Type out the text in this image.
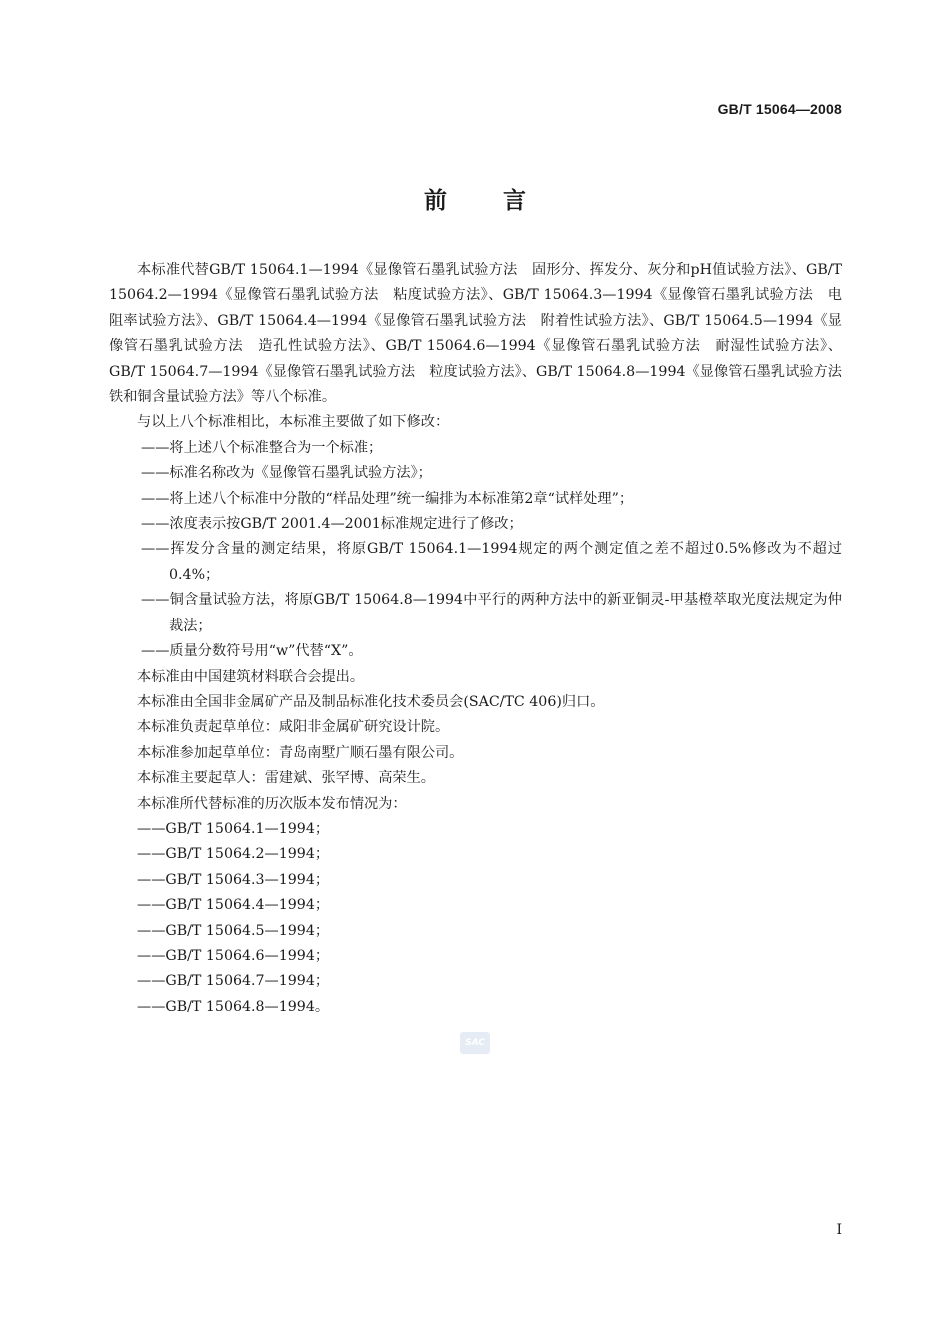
GB/T 15064—2008
前言

本标准代替GB/T 15064.1—1994《显像管石墨乳试验方法　固形分、挥发分、灰分和pH值试验方法》、GB/T 15064.2—1994《显像管石墨乳试验方法　粘度试验方法》、GB/T 15064.3—1994《显像管石墨乳试验方法　电阻率试验方法》、GB/T 15064.4—1994《显像管石墨乳试验方法　附着性试验方法》、GB/T 15064.5—1994《显像管石墨乳试验方法　造孔性试验方法》、GB/T 15064.6—1994《显像管石墨乳试验方法　耐湿性试验方法》、GB/T 15064.7—1994《显像管石墨乳试验方法　粒度试验方法》、GB/T 15064.8—1994《显像管石墨乳试验方法　铁和铜含量试验方法》等八个标准。

与以上八个标准相比，本标准主要做了如下修改：

——将上述八个标准整合为一个标准；

——标准名称改为《显像管石墨乳试验方法》；

——将上述八个标准中分散的“样品处理”统一编排为本标准第2章“试样处理”；

——浓度表示按GB/T 2001.4—2001标准规定进行了修改；

——挥发分含量的测定结果，将原GB/T 15064.1—1994规定的两个测定值之差不超过0.5%修改为不超过0.4%；

——铜含量试验方法，将原GB/T 15064.8—1994中平行的两种方法中的新亚铜灵-甲基橙萃取光度法规定为仲裁法；

——质量分数符号用“w”代替“X”。

本标准由中国建筑材料联合会提出。

本标准由全国非金属矿产品及制品标准化技术委员会(SAC/TC 406)归口。

本标准负责起草单位：咸阳非金属矿研究设计院。

本标准参加起草单位：青岛南墅广顺石墨有限公司。

本标准主要起草人：雷建斌、张罕博、高荣生。

本标准所代替标准的历次版本发布情况为：

——GB/T 15064.1—1994；

——GB/T 15064.2—1994；

——GB/T 15064.3—1994；

——GB/T 15064.4—1994；

——GB/T 15064.5—1994；

——GB/T 15064.6—1994；

——GB/T 15064.7—1994；

——GB/T 15064.8—1994。

SAC
I
